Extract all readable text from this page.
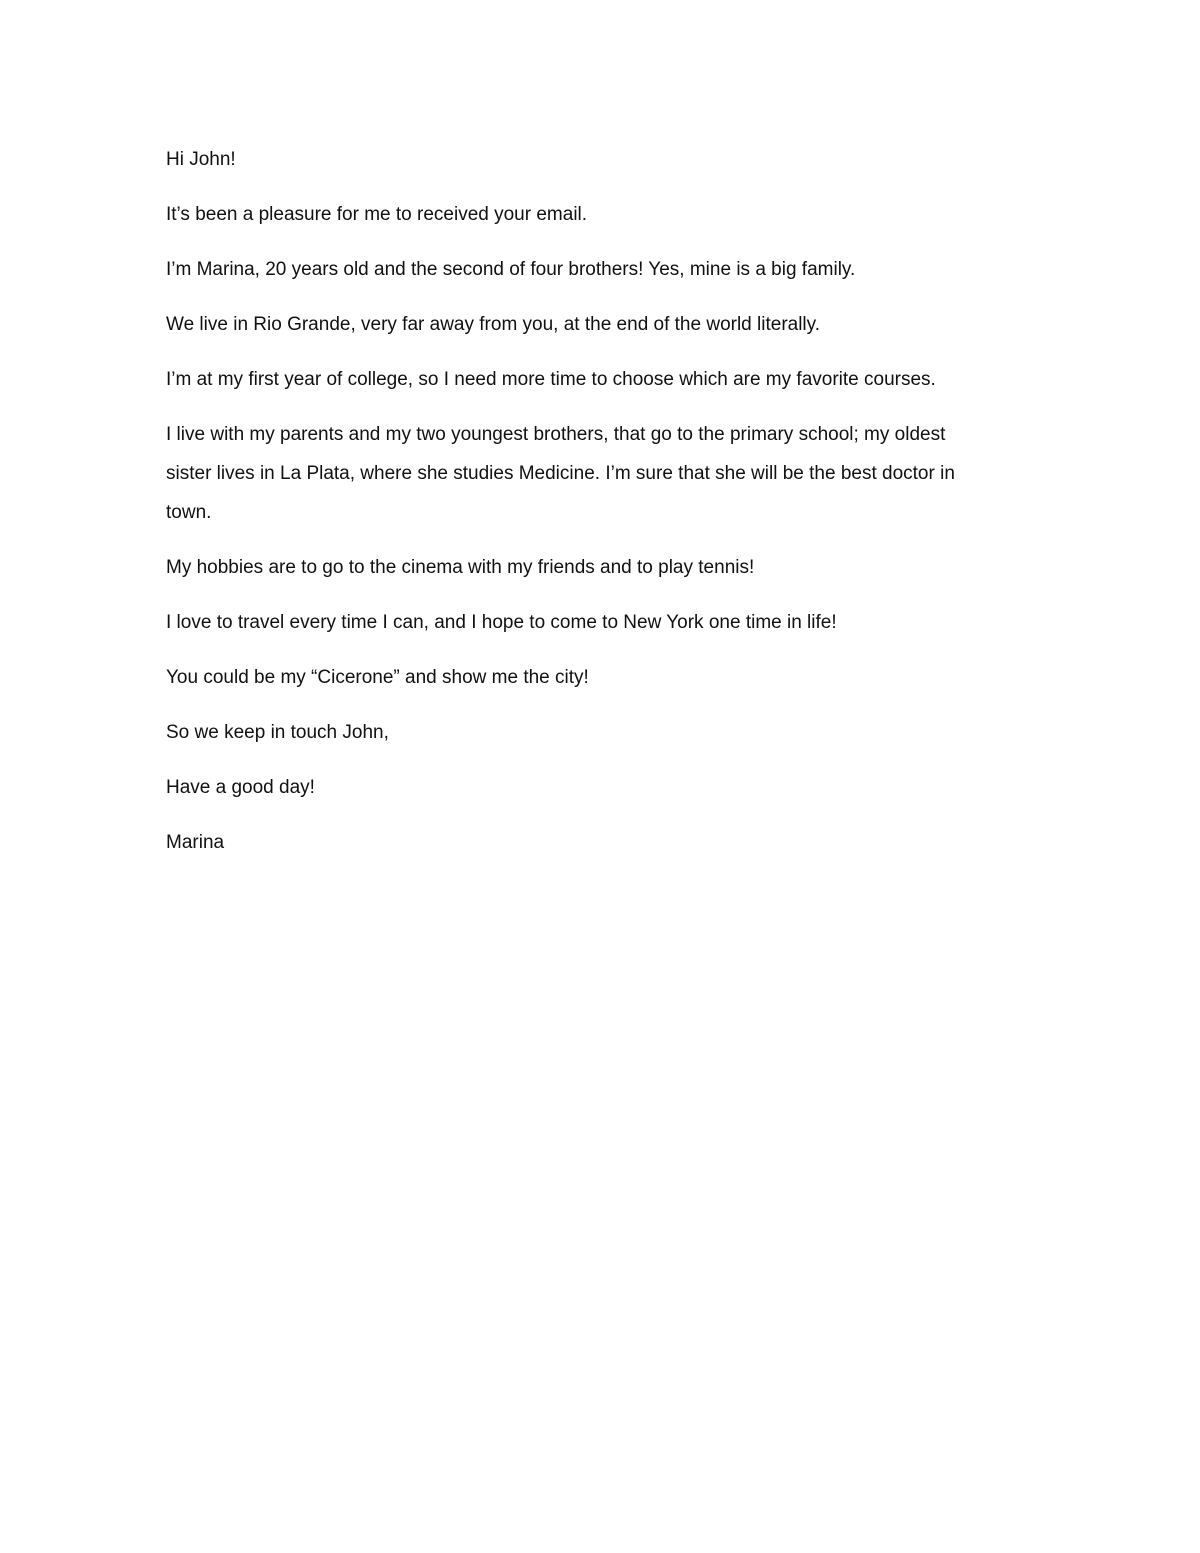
Hi John!

It’s been a pleasure for me to received your email.

I’m Marina, 20 years old and the second of four brothers! Yes, mine is a big family.

We live in Rio Grande, very far away from you, at the end of the world literally.

I’m at my first year of college, so I need more time to choose which are my favorite courses.

I live with my parents and my two youngest brothers, that go to the primary school; my oldest sister lives in La Plata, where she studies Medicine. I’m sure that she will be the best doctor in town.

My hobbies are to go to the cinema with my friends and to play tennis!

I love to travel every time I can, and I hope to come to New York one time in life!

You could be my “Cicerone” and show me the city!

So we keep in touch John,

Have a good day!

Marina
